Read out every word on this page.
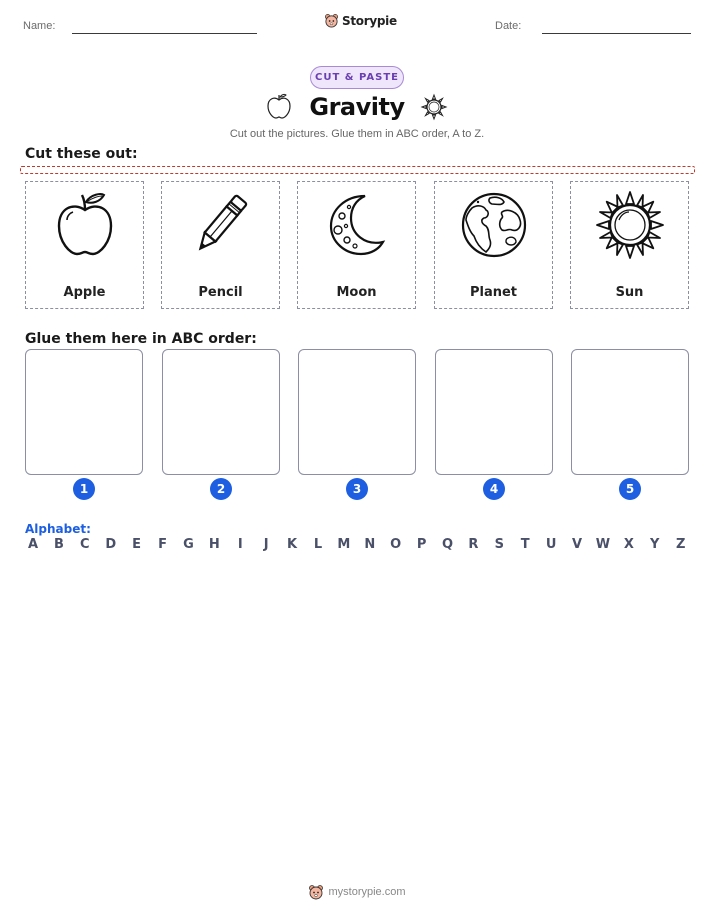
Name:	Storypie	Date:
CUT & PASTE
Gravity
Cut out the pictures. Glue them in ABC order, A to Z.
Cut these out:
Apple	Pencil	Moon	Planet	Sun
Glue them here in ABC order:
1	2	3	4	5
Alphabet:
A B C D E F G H	I	J	K L M N O P Q R S T U V W X Y Z
mystorypie.com
